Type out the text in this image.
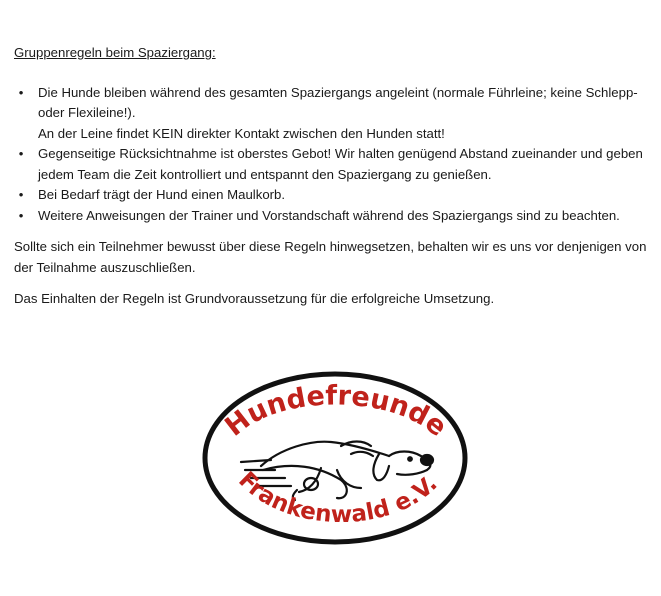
Gruppenregeln beim Spaziergang:
•	Die Hunde bleiben während des gesamten Spaziergangs angeleint (normale Führleine; keine Schlepp- oder Flexileine!).
An der Leine findet KEIN direkter Kontakt zwischen den Hunden statt!
•	Gegenseitige Rücksichtnahme ist oberstes Gebot! Wir halten genügend Abstand zueinander und geben jedem Team die Zeit kontrolliert und entspannt den Spaziergang zu genießen.
•	Bei Bedarf trägt der Hund einen Maulkorb.
•	Weitere Anweisungen der Trainer und Vorstandschaft während des Spaziergangs sind zu beachten.

Sollte sich ein Teilnehmer bewusst über diese Regeln hinwegsetzen, behalten wir es uns vor denjenigen von der Teilnahme auszuschließen.

Das Einhalten der Regeln ist Grundvoraussetzung für die erfolgreiche Umsetzung.

Hundefreunde
Frankenwald e.V.
